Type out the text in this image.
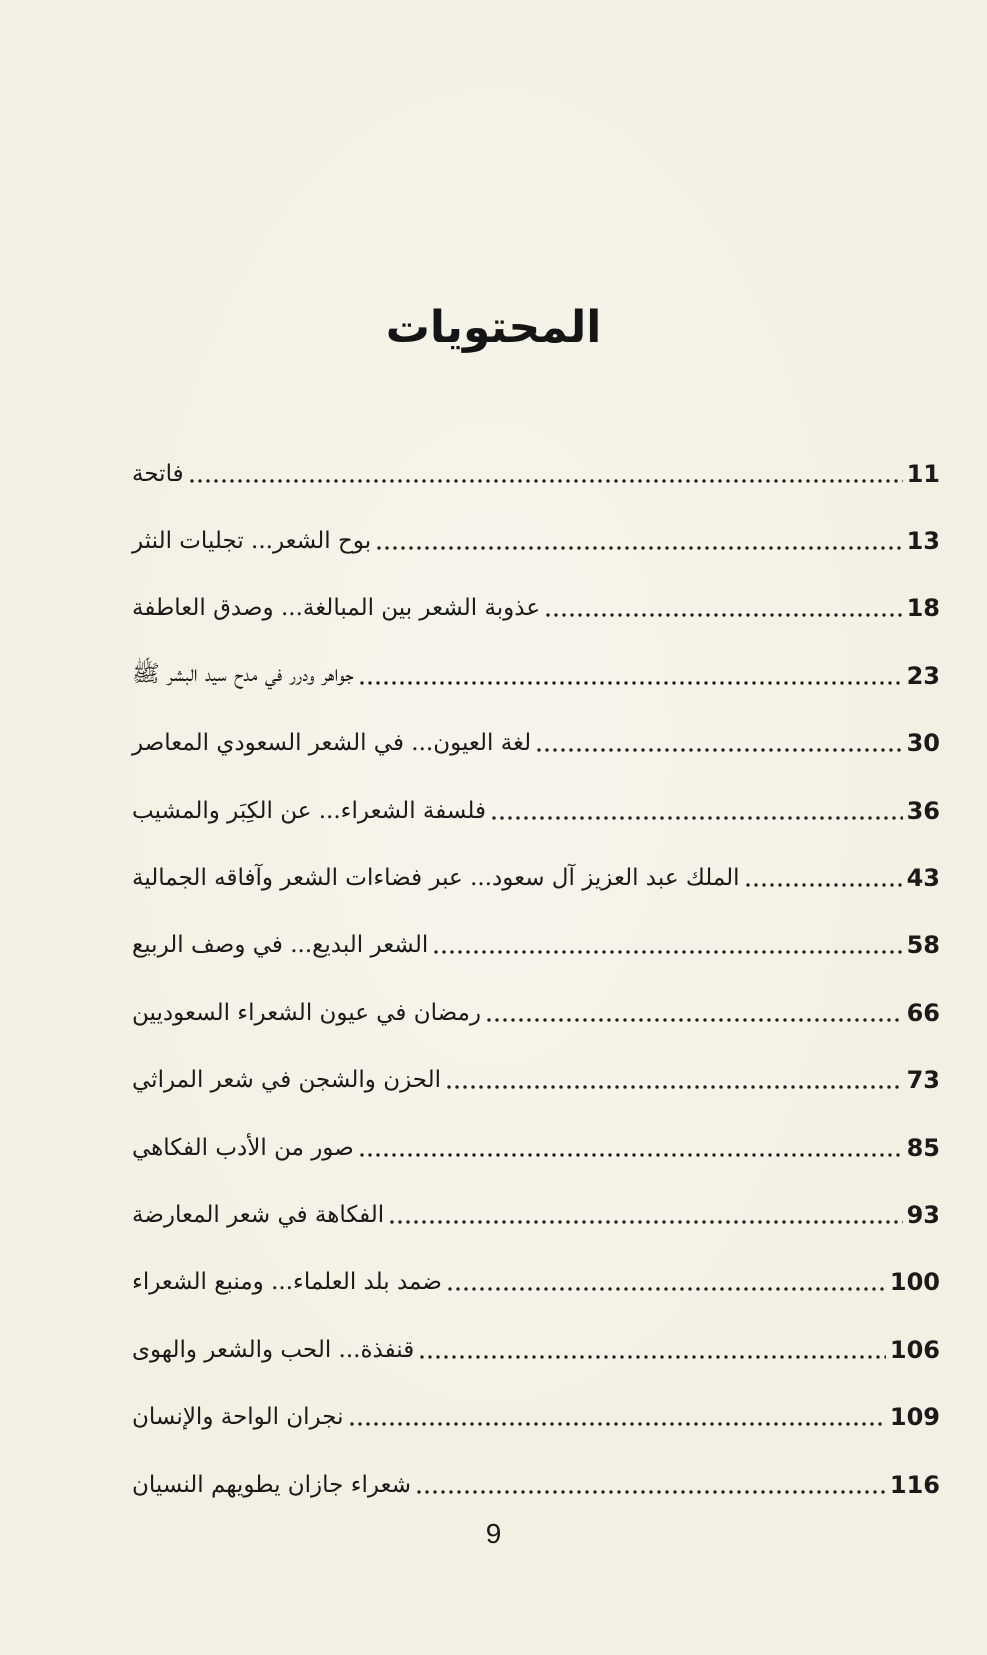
المحتويات
فاتحة	11
بوح الشعر... تجليات النثر	13
عذوبة الشعر بين المبالغة... وصدق العاطفة	18
جواهر ودرر في مدح سيد البشر ﷺ	23
لغة العيون... في الشعر السعودي المعاصر	30
فلسفة الشعراء... عن الكِبَر والمشيب	36
الملك عبد العزيز آل سعود... عبر فضاءات الشعر وآفاقه الجمالية	43
الشعر البديع... في وصف الربيع	58
رمضان في عيون الشعراء السعوديين	66
الحزن والشجن في شعر المراثي	73
صور من الأدب الفكاهي	85
الفكاهة في شعر المعارضة	93
ضمد بلد العلماء... ومنبع الشعراء	100
قنفذة... الحب والشعر والهوى	106
نجران الواحة والإنسان	109
شعراء جازان يطويهم النسيان	116
9
